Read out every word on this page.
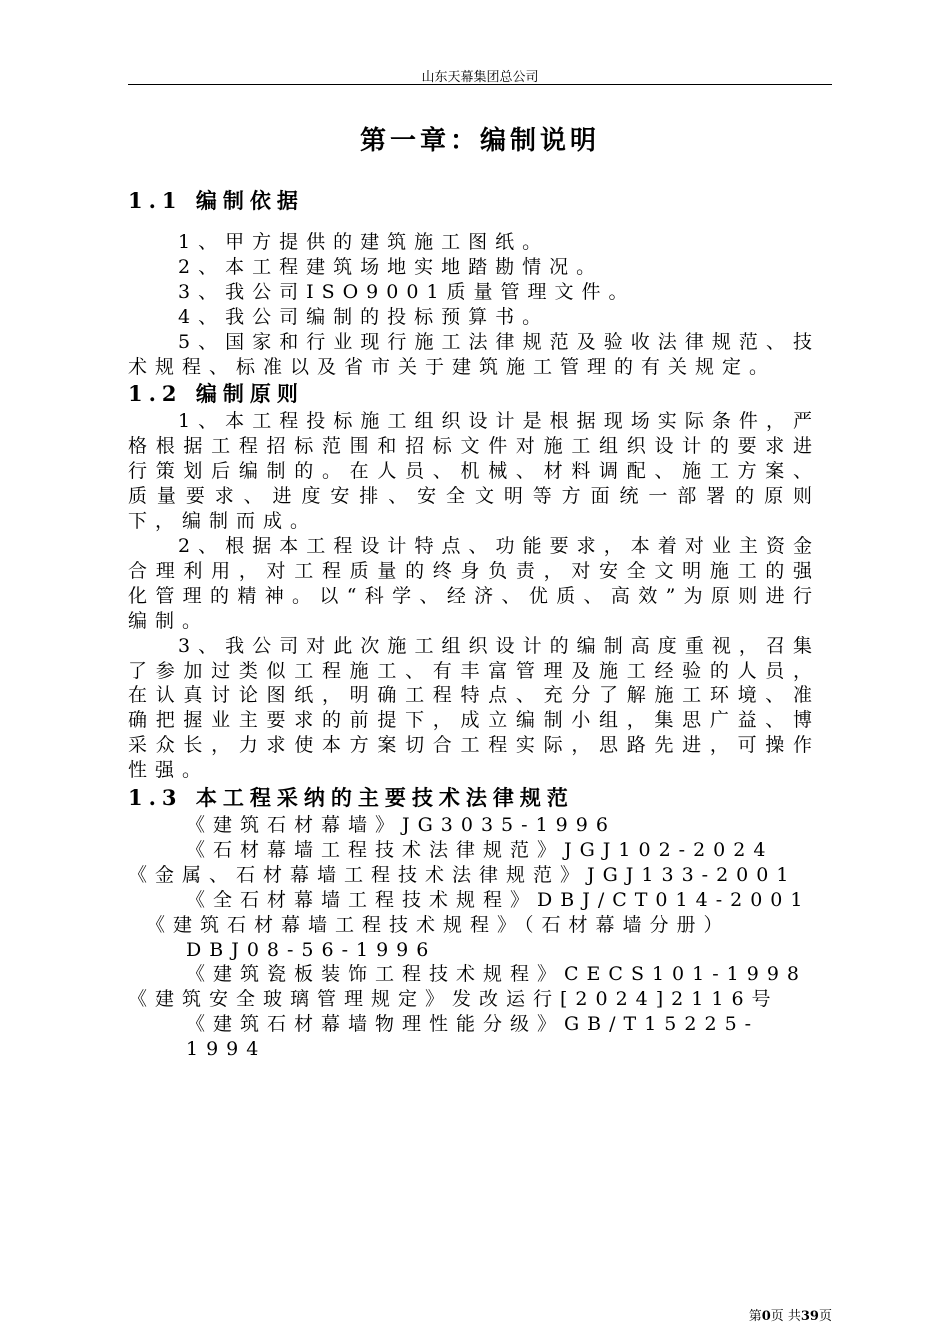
山东天幕集团总公司
第一章：编制说明
1.1 编制依据

1、甲方提供的建筑施工图纸。

2、本工程建筑场地实地踏勘情况。

3、我公司ISO9001质量管理文件。

4、我公司编制的投标预算书。

5、国家和行业现行施工法律规范及验收法律规范、技术规程、标准以及省市关于建筑施工管理的有关规定。

1.2 编制原则

1、本工程投标施工组织设计是根据现场实际条件，严格根据工程招标范围和招标文件对施工组织设计的要求进行策划后编制的。在人员、机械、材料调配、施工方案、质量要求、进度安排、安全文明等方面统一部署的原则下，编制而成。

2、根据本工程设计特点、功能要求，本着对业主资金合理利用，对工程质量的终身负责，对安全文明施工的强化管理的精神。以“科学、经济、优质、高效”为原则进行编制。

3、我公司对此次施工组织设计的编制高度重视，召集了参加过类似工程施工、有丰富管理及施工经验的人员，在认真讨论图纸，明确工程特点、充分了解施工环境、准确把握业主要求的前提下，成立编制小组，集思广益、博采众长，力求使本方案切合工程实际，思路先进，可操作性强。

1.3 本工程采纳的主要技术法律规范

《建筑石材幕墙》JG3035-1996

《石材幕墙工程技术法律规范》JGJ102-2024

《金属、石材幕墙工程技术法律规范》JGJ133-2001

《全石材幕墙工程技术规程》DBJ/CT014-2001

《建筑石材幕墙工程技术规程》（石材幕墙分册）DBJ08-56-1996

《建筑瓷板装饰工程技术规程》CECS101-1998

《建筑安全玻璃管理规定》发改运行[2024]2116号

《建筑石材幕墙物理性能分级》GB/T15225-1994

第0页 共39页
